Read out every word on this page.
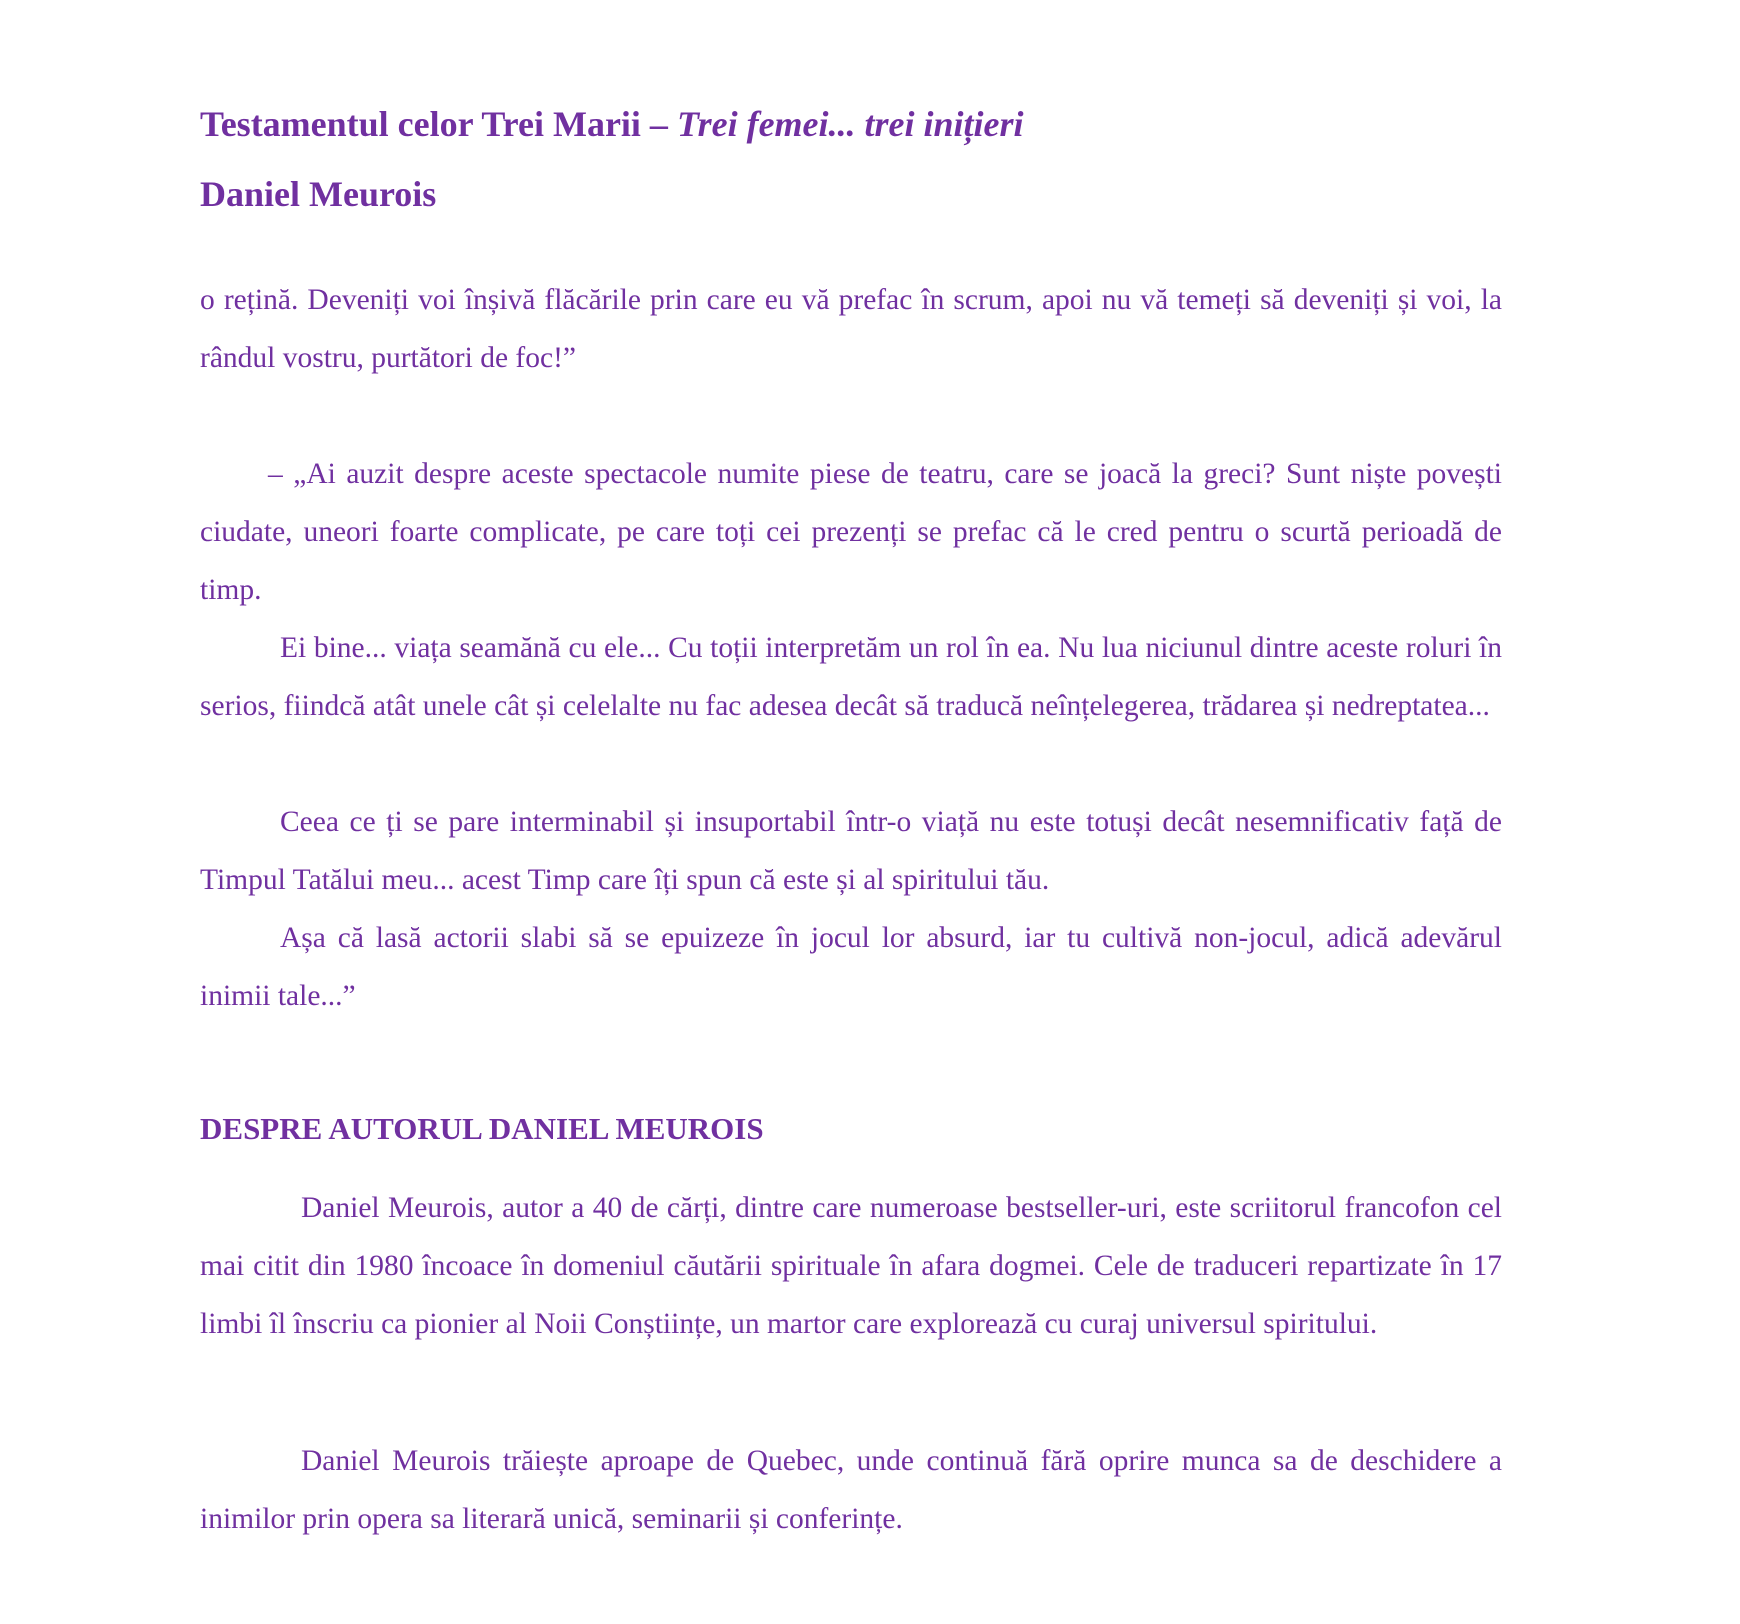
Testamentul celor Trei Marii – Trei femei... trei inițieri
Daniel Meurois

o rețină. Deveniți voi înșivă flăcările prin care eu vă prefac în scrum, apoi nu vă temeți să deveniți și voi, la rândul vostru, purtători de foc!”

– „Ai auzit despre aceste spectacole numite piese de teatru, care se joacă la greci? Sunt niște povești ciudate, uneori foarte complicate, pe care toți cei prezenți se prefac că le cred pentru o scurtă perioadă de timp.

Ei bine... viața seamănă cu ele... Cu toții interpretăm un rol în ea. Nu lua niciunul dintre aceste roluri în serios, fiindcă atât unele cât și celelalte nu fac adesea decât să traducă neînțelegerea, trădarea și nedreptatea...

Ceea ce ți se pare interminabil și insuportabil într-o viață nu este totuși decât nesemnificativ față de Timpul Tatălui meu... acest Timp care îți spun că este și al spiritului tău.

Așa că lasă actorii slabi să se epuizeze în jocul lor absurd, iar tu cultivă non-jocul, adică adevărul inimii tale...”

DESPRE AUTORUL DANIEL MEUROIS

Daniel Meurois, autor a 40 de cărți, dintre care numeroase bestseller-uri, este scriitorul francofon cel mai citit din 1980 încoace în domeniul căutării spirituale în afara dogmei. Cele de traduceri repartizate în 17 limbi îl înscriu ca pionier al Noii Conștiințe, un martor care explorează cu curaj universul spiritului.

Daniel Meurois trăiește aproape de Quebec, unde continuă fără oprire munca sa de deschidere a inimilor prin opera sa literară unică, seminarii și conferințe.
